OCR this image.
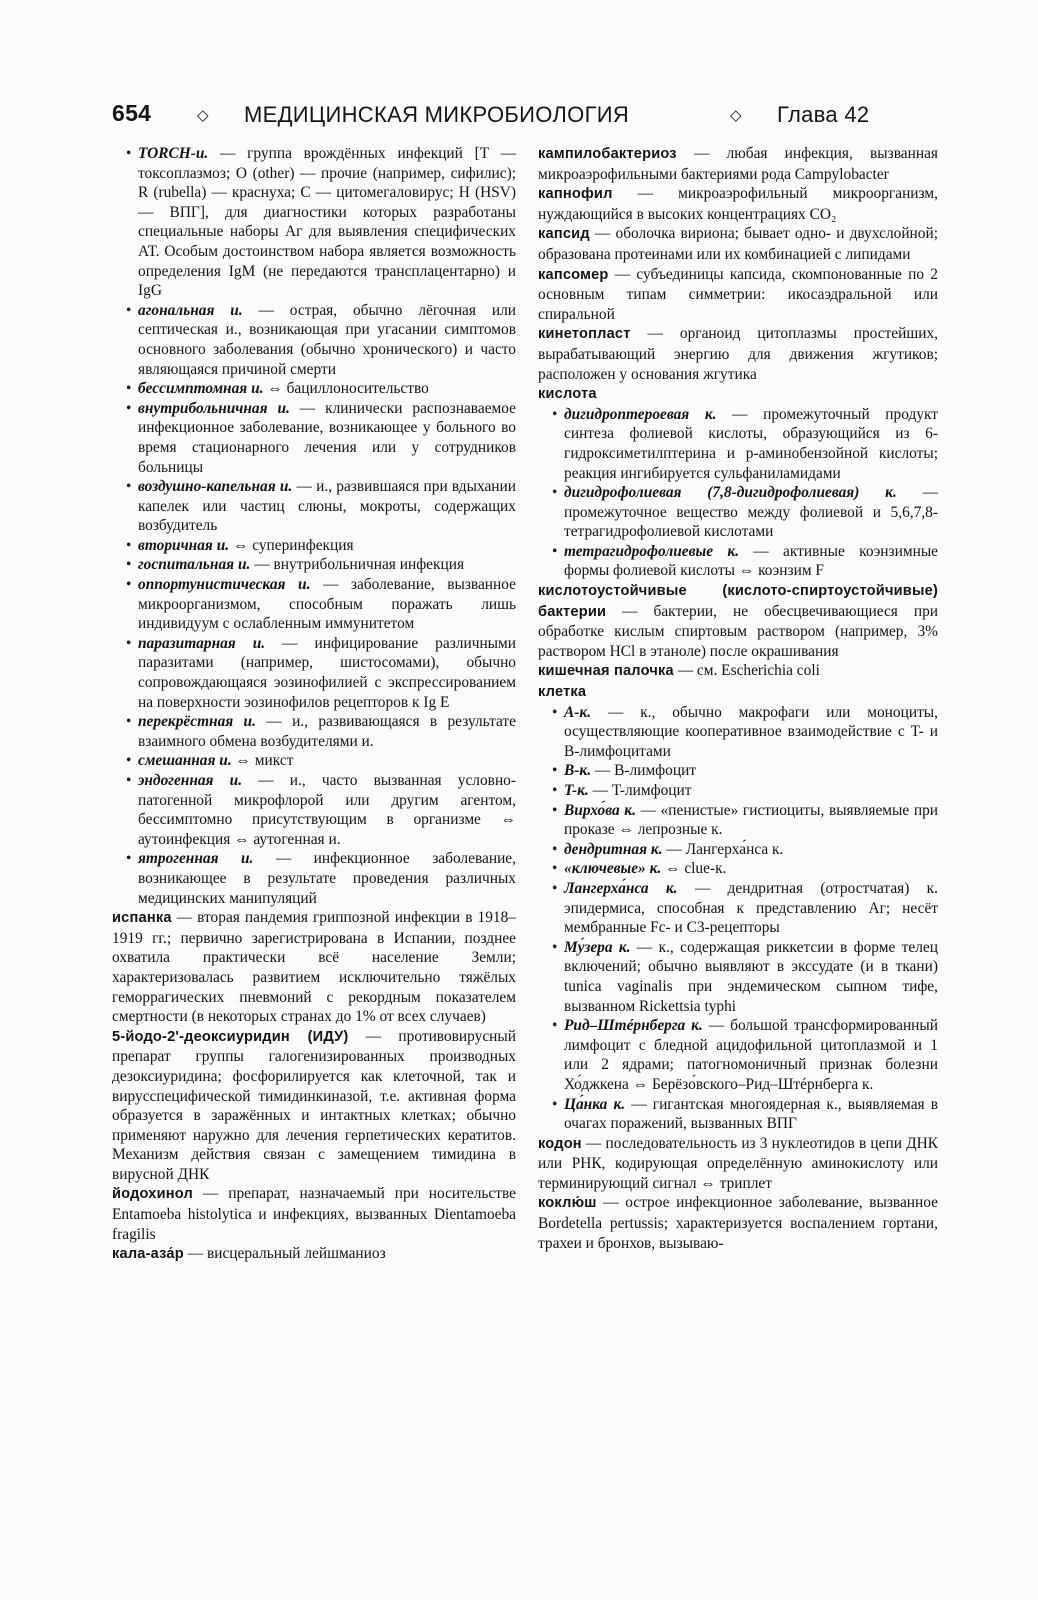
654	◇ МЕДИЦИНСКАЯ МИКРОБИОЛОГИЯ	◇ Глава 42

• TORCH-и. — группа врождённых инфекций [T — токсоплазмоз; O (other) — прочие (например, сифилис); R (rubella) — краснуха; C — цитомегаловирус; H (HSV) — ВПГ], для диагностики которых разработаны специальные наборы Аг для выявления специфических АТ. Особым достоинством набора является возможность определения IgM (не передаются трансплацентарно) и IgG

• агональная и. — острая, обычно лёгочная или септическая и., возникающая при угасании симптомов основного заболевания (обычно хронического) и часто являющаяся причиной смерти

• бессимптомная и. ⇔ бациллоносительство

• внутрибольничная и. — клинически распознаваемое инфекционное заболевание, возникающее у больного во время стационарного лечения или у сотрудников больницы

• воздушно-капельная и. — и., развившаяся при вдыхании капелек или частиц слюны, мокроты, содержащих возбудитель

• вторичная и. ⇔ суперинфекция

• госпитальная и. — внутрибольничная инфекция

• оппортунистическая и. — заболевание, вызванное микроорганизмом, способным поражать лишь индивидуум с ослабленным иммунитетом

• паразитарная и. — инфицирование различными паразитами (например, шистосомами), обычно сопровождающаяся эозинофилией с экспрессированием на поверхности эозинофилов рецепторов к Ig E

• перекрёстная и. — и., развивающаяся в результате взаимного обмена возбудителями и.

• смешанная и. ⇔ микст

• эндогенная и. — и., часто вызванная условно-патогенной микрофлорой или другим агентом, бессимптомно присутствующим в организме ⇔ аутоинфекция ⇔ аутогенная и.

• ятрогенная и. — инфекционное заболевание, возникающее в результате проведения различных медицинских манипуляций

испанка — вторая пандемия гриппозной инфекции в 1918–1919 гг.; первично зарегистрирована в Испании, позднее охватила практически всё население Земли; характеризовалась развитием исключительно тяжёлых геморрагических пневмоний с рекордным показателем смертности (в некоторых странах до 1% от всех случаев)

5-йодо-2'-деоксиуридин (ИДУ) — противовирусный препарат группы галогенизированных производных дезоксиуридина; фосфорилируется как клеточной, так и вирусспецифической тимидинкиназой, т.е. активная форма образуется в заражённых и интактных клетках; обычно применяют наружно для лечения герпетических кератитов. Механизм действия связан с замещением тимидина в вирусной ДНК

йодохинол — препарат, назначаемый при носительстве Entamoeba histolytica и инфекциях, вызванных Dientamoeba fragilis

кала-аза́р — висцеральный лейшманиоз

кампилобактериоз — любая инфекция, вызванная микроаэрофильными бактериями рода Campylobacter

капнофил — микроаэрофильный микроорганизм, нуждающийся в высоких концентрациях CO₂

капсид — оболочка вириона; бывает одно- и двухслойной; образована протеинами или их комбинацией с липидами

капсомер — субъединицы капсида, скомпонованные по 2 основным типам симметрии: икосаэдральной или спиральной

кинетопласт — органоид цитоплазмы простейших, вырабатывающий энергию для движения жгутиков; расположен у основания жгутика

кислота

• дигидроптероевая к. — промежуточный продукт синтеза фолиевой кислоты, образующийся из 6-гидроксиметилптерина и p-аминобензойной кислоты; реакция ингибируется сульфаниламидами

• дигидрофолиевая (7,8-дигидрофолиевая) к. — промежуточное вещество между фолиевой и 5,6,7,8-тетрагидрофолиевой кислотами

• тетрагидрофолиевые к. — активные коэнзимные формы фолиевой кислоты ⇔ коэнзим F

кислотоустойчивые (кислото-спиртоустойчивые) бактерии — бактерии, не обесцвечивающиеся при обработке кислым спиртовым раствором (например, 3% раствором HCl в этаноле) после окрашивания

кишечная палочка — см. Escherichia coli

клетка

• A-к. — к., обычно макрофаги или моноциты, осуществляющие кооперативное взаимодействие с T- и B-лимфоцитами

• B-к. — B-лимфоцит

• T-к. — T-лимфоцит

• Вирхо́ва к. — «пенистые» гистиоциты, выявляемые при проказе ⇔ лепрозные к.

• дендритная к. — Лангерха́нса к.

• «ключевые» к. ⇔ clue-к.

• Лангерха́нса к. — дендритная (отростчатая) к. эпидермиса, способная к представлению Аг; несёт мембранные Fc- и C3-рецепторы

• Му́зера к. — к., содержащая риккетсии в форме телец включений; обычно выявляют в экссудате (и в ткани) tunica vaginalis при эндемическом сыпном тифе, вызванном Rickettsia typhi

• Рид–Штéрнберга к. — большой трансформированный лимфоцит с бледной ацидофильной цитоплазмой и 1 или 2 ядрами; патогномоничный признак болезни Хо́джкена ⇔ Берёзо́вского–Рид–Штéрнберга к.

• Ца́нка к. — гигантская многоядерная к., выявляемая в очагах поражений, вызванных ВПГ

кодон — последовательность из 3 нуклеотидов в цепи ДНК или РНК, кодирующая определённую аминокислоту или терминирующий сигнал ⇔ триплет

коклю́ш — острое инфекционное заболевание, вызванное Bordetella pertussis; характеризуется воспалением гортани, трахеи и бронхов, вызываю-
